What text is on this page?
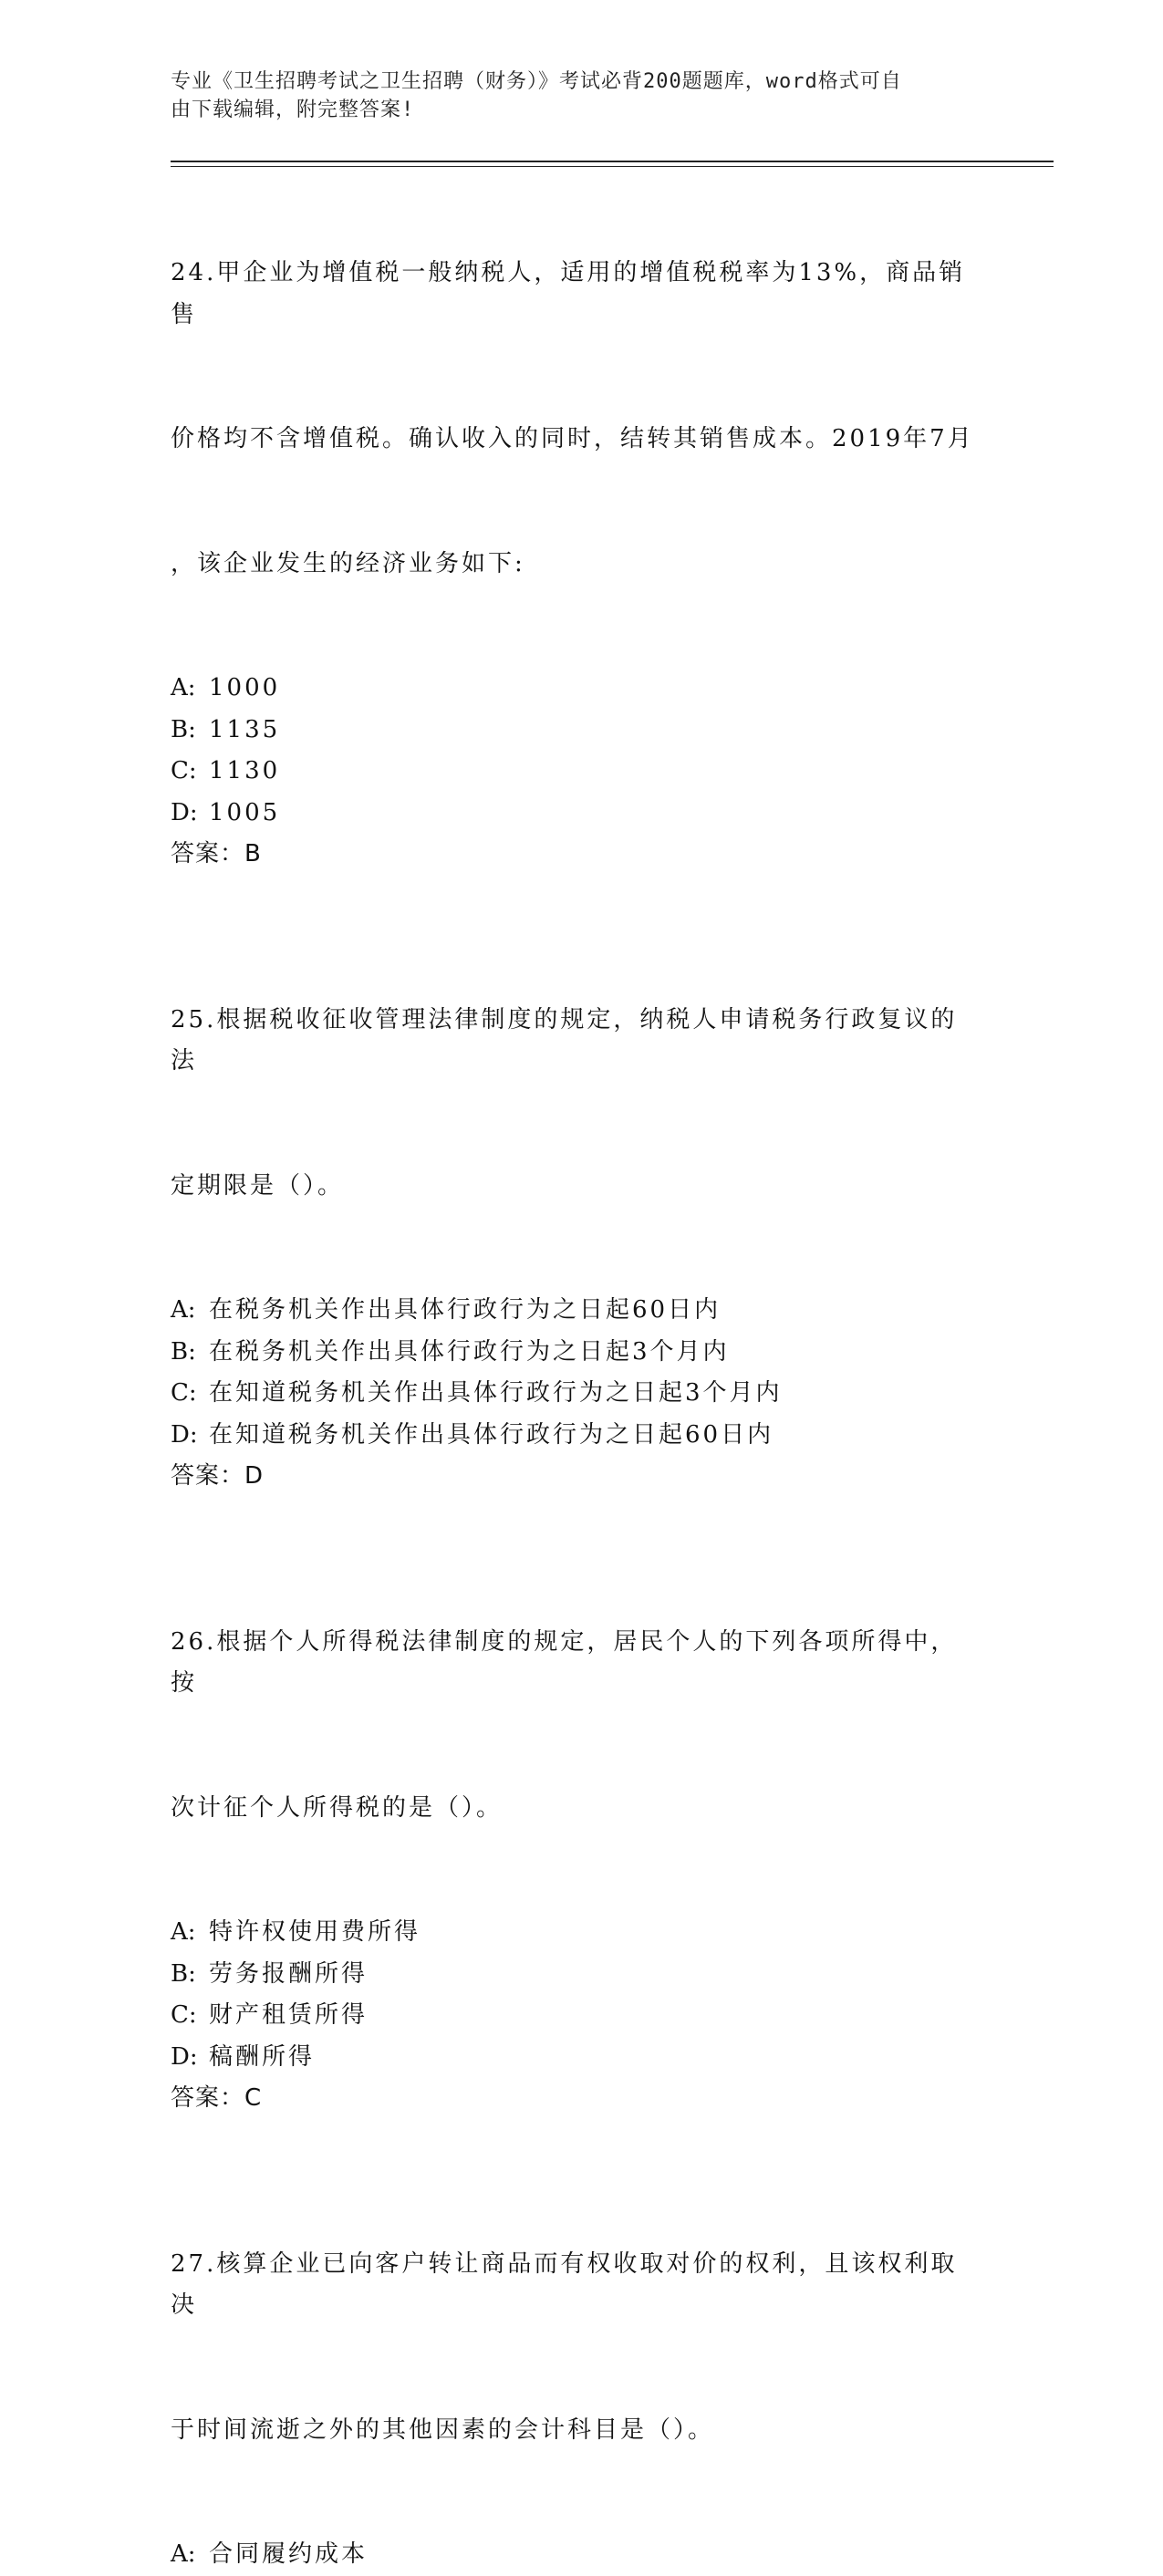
专业《卫生招聘考试之卫生招聘（财务）》考试必背200题题库，word格式可自
由下载编辑，附完整答案!

24.甲企业为增值税一般纳税人，适用的增值税税率为13%，商品销售

价格均不含增值税。确认收入的同时，结转其销售成本。2019年7月

，该企业发生的经济业务如下:

A: 1000
B: 1135
C: 1130
D: 1005
答案：B

25.根据税收征收管理法律制度的规定，纳税人申请税务行政复议的法

定期限是（）。

A: 在税务机关作出具体行政行为之日起60日内
B: 在税务机关作出具体行政行为之日起3个月内
C: 在知道税务机关作出具体行政行为之日起3个月内
D: 在知道税务机关作出具体行政行为之日起60日内
答案：D

26.根据个人所得税法律制度的规定，居民个人的下列各项所得中，按

次计征个人所得税的是（）。

A: 特许权使用费所得
B: 劳务报酬所得
C: 财产租赁所得
D: 稿酬所得
答案：C

27.核算企业已向客户转让商品而有权收取对价的权利，且该权利取决

于时间流逝之外的其他因素的会计科目是（）。

A: 合同履约成本
